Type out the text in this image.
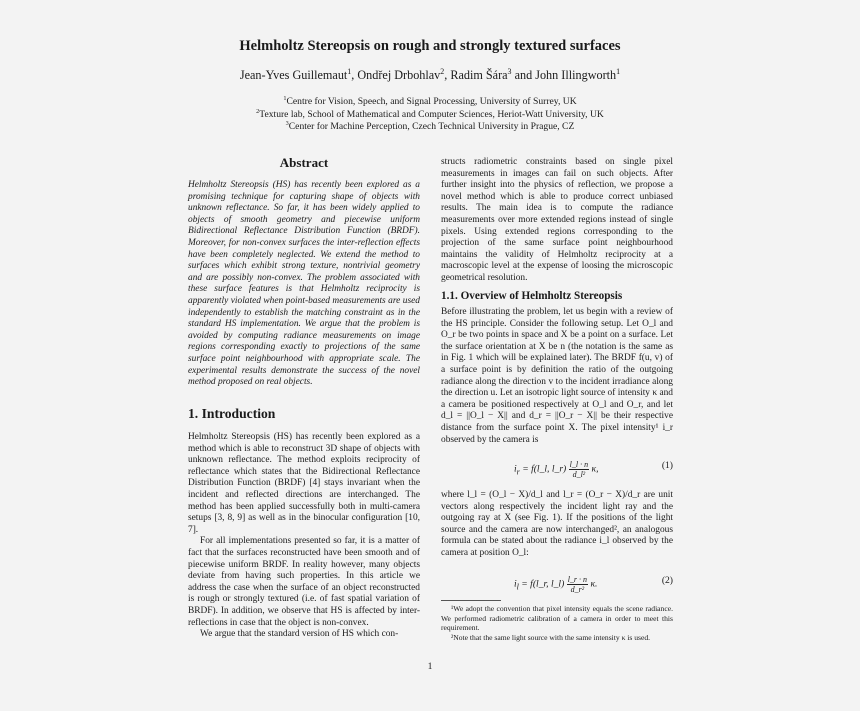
Helmholtz Stereopsis on rough and strongly textured surfaces
Jean-Yves Guillemaut$^1$, Ondřej Drbohlav$^2$, Radim Šára$^3$ and John Illingworth$^1$
$^1$Centre for Vision, Speech, and Signal Processing, University of Surrey, UK
$^2$Texture lab, School of Mathematical and Computer Sciences, Heriot-Watt University, UK
$^3$Center for Machine Perception, Czech Technical University in Prague, CZ
Abstract

Helmholtz Stereopsis (HS) has recently been explored as a promising technique for capturing shape of objects with unknown reflectance. So far, it has been widely applied to objects of smooth geometry and piecewise uniform Bidirectional Reflectance Distribution Function (BRDF). Moreover, for non-convex surfaces the inter-reflection effects have been completely neglected. We extend the method to surfaces which exhibit strong texture, nontrivial geometry and are possibly non-convex. The problem associated with these surface features is that Helmholtz reciprocity is apparently violated when point-based measurements are used independently to establish the matching constraint as in the standard HS implementation. We argue that the problem is avoided by computing radiance measurements on image regions corresponding exactly to projections of the same surface point neighbourhood with appropriate scale. The experimental results demonstrate the success of the novel method proposed on real objects.

1. Introduction

Helmholtz Stereopsis (HS) has recently been explored as a method which is able to reconstruct 3D shape of objects with unknown reflectance. The method exploits reciprocity of reflectance which states that the Bidirectional Reflectance Distribution Function (BRDF) [4] stays invariant when the incident and reflected directions are interchanged. The method has been applied successfully both in multi-camera setups [3, 8, 9] as well as in the binocular configuration [10, 7].

For all implementations presented so far, it is a matter of fact that the surfaces reconstructed have been smooth and of piecewise uniform BRDF. In reality however, many objects deviate from having such properties. In this article we address the case when the surface of an object reconstructed is rough or strongly textured (i.e. of fast spatial variation of BRDF). In addition, we observe that HS is affected by inter-reflections in case that the object is non-convex.

We argue that the standard version of HS which con-

structs radiometric constraints based on single pixel measurements in images can fail on such objects. After further insight into the physics of reflection, we propose a novel method which is able to produce correct unbiased results. The main idea is to compute the radiance measurements over more extended regions instead of single pixels. Using extended regions corresponding to the projection of the same surface point neighbourhood maintains the validity of Helmholtz reciprocity at a macroscopic level at the expense of loosing the microscopic geometrical resolution.

1.1. Overview of Helmholtz Stereopsis

Before illustrating the problem, let us begin with a review of the HS principle. Consider the following setup. Let O_l and O_r be two points in space and X be a point on a surface. Let the surface orientation at X be n (the notation is the same as in Fig. 1 which will be explained later). The BRDF f(u, v) of a surface point is by definition the ratio of the outgoing radiance along the direction v to the incident irradiance along the direction u. Let an isotropic light source of intensity κ and a camera be positioned respectively at O_l and O_r, and let d_l = ||O_l − X|| and d_r = ||O_r − X|| be their respective distance from the surface point X. The pixel intensity¹ i_r observed by the camera is

$i_r$ = f(l_l, l_r) $\frac{l\_l \cdot n}{\text{d\_l²}} \kappa$,	(1)

where l_l = (O_l − X)/d_l and l_r = (O_r − X)/d_r are unit vectors along respectively the incident light ray and the outgoing ray at X (see Fig. 1). If the positions of the light source and the camera are now interchanged², an analogous formula can be stated about the radiance i_l observed by the camera at position O_l:

$i_l$ = f(l_r, l_l) $\frac{l\_r \cdot n}{\text{d\_r²}} \kappa$.	(2)

¹We adopt the convention that pixel intensity equals the scene radiance. We performed radiometric calibration of a camera in order to meet this requirement.

²Note that the same light source with the same intensity κ is used.

1
